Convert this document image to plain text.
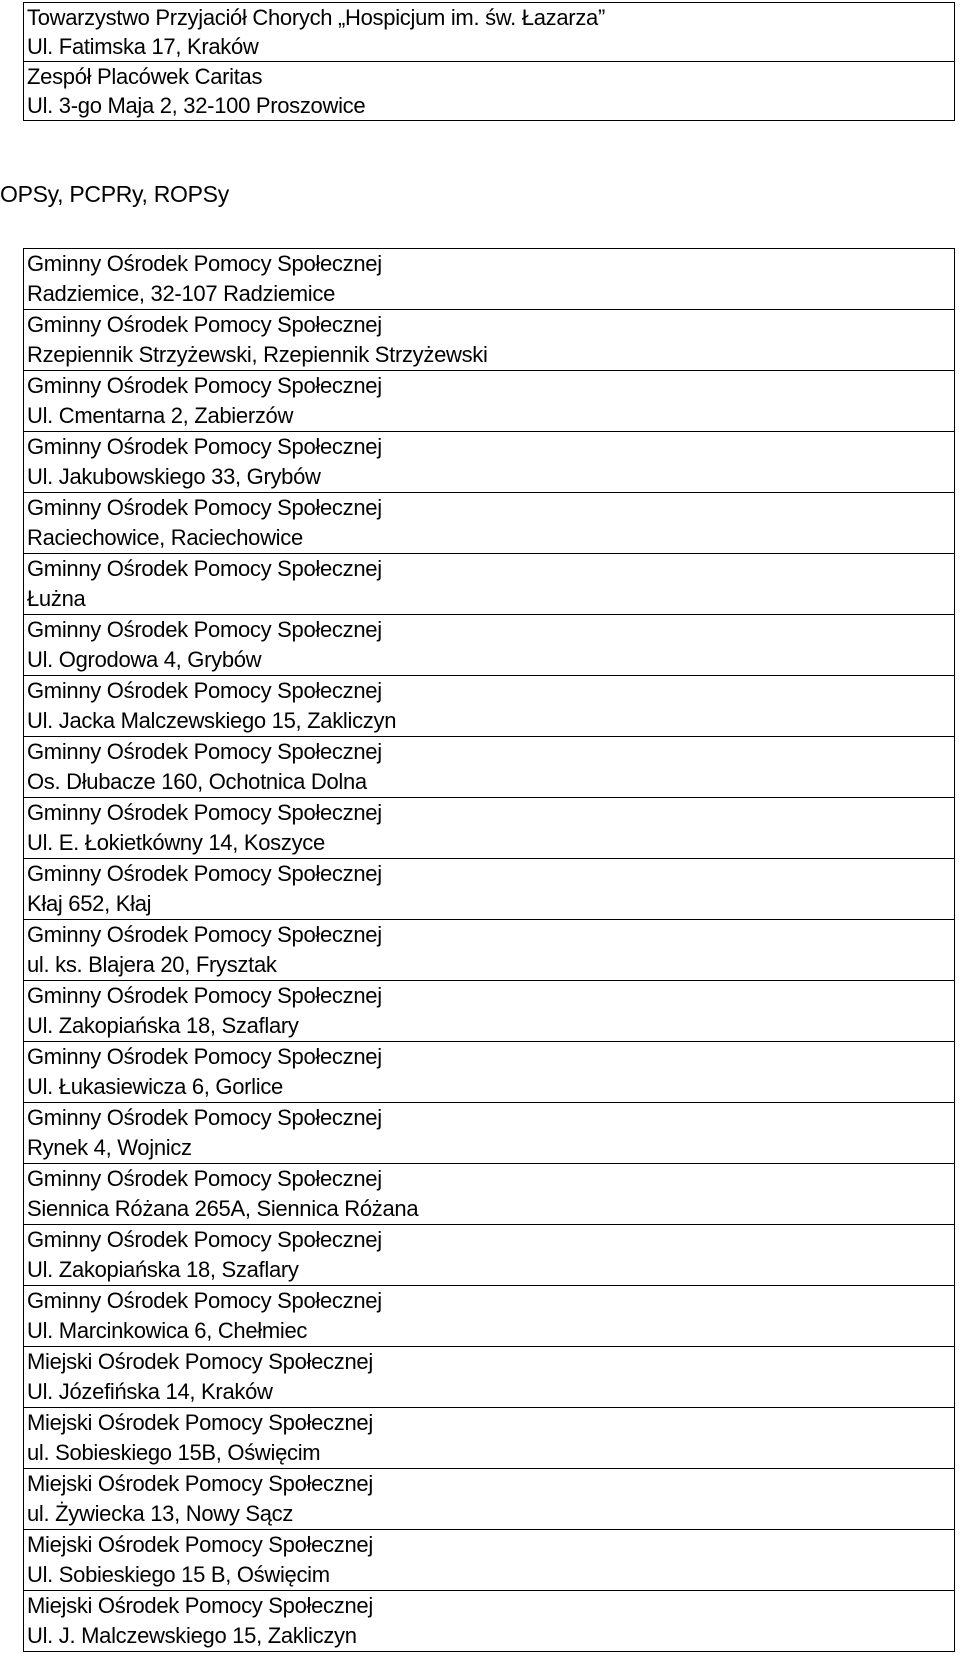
Towarzystwo Przyjaciół Chorych „Hospicjum im. św. Łazarza”
Ul. Fatimska 17, Kraków

Zespół Placówek Caritas
Ul. 3-go Maja 2, 32-100 Proszowice
OPSy, PCPRy, ROPSy
Gminny Ośrodek Pomocy Społecznej
Radziemice, 32-107 Radziemice

Gminny Ośrodek Pomocy Społecznej
Rzepiennik Strzyżewski, Rzepiennik Strzyżewski

Gminny Ośrodek Pomocy Społecznej
Ul. Cmentarna 2, Zabierzów

Gminny Ośrodek Pomocy Społecznej
Ul. Jakubowskiego 33, Grybów

Gminny Ośrodek Pomocy Społecznej
Raciechowice, Raciechowice

Gminny Ośrodek Pomocy Społecznej
Łużna

Gminny Ośrodek Pomocy Społecznej
Ul. Ogrodowa 4, Grybów

Gminny Ośrodek Pomocy Społecznej
Ul. Jacka Malczewskiego 15, Zakliczyn

Gminny Ośrodek Pomocy Społecznej
Os. Dłubacze 160, Ochotnica Dolna

Gminny Ośrodek Pomocy Społecznej
Ul. E. Łokietkówny 14, Koszyce

Gminny Ośrodek Pomocy Społecznej
Kłaj 652, Kłaj

Gminny Ośrodek Pomocy Społecznej
ul. ks. Blajera 20, Frysztak

Gminny Ośrodek Pomocy Społecznej
Ul. Zakopiańska 18, Szaflary

Gminny Ośrodek Pomocy Społecznej
Ul. Łukasiewicza 6, Gorlice

Gminny Ośrodek Pomocy Społecznej
Rynek 4, Wojnicz

Gminny Ośrodek Pomocy Społecznej
Siennica Różana 265A, Siennica Różana

Gminny Ośrodek Pomocy Społecznej
Ul. Zakopiańska 18, Szaflary

Gminny Ośrodek Pomocy Społecznej
Ul. Marcinkowica 6, Chełmiec

Miejski Ośrodek Pomocy Społecznej
Ul. Józefińska 14, Kraków

Miejski Ośrodek Pomocy Społecznej
ul. Sobieskiego 15B, Oświęcim

Miejski Ośrodek Pomocy Społecznej
ul. Żywiecka 13, Nowy Sącz

Miejski Ośrodek Pomocy Społecznej
Ul. Sobieskiego 15 B, Oświęcim

Miejski Ośrodek Pomocy Społecznej
Ul. J. Malczewskiego 15, Zakliczyn
